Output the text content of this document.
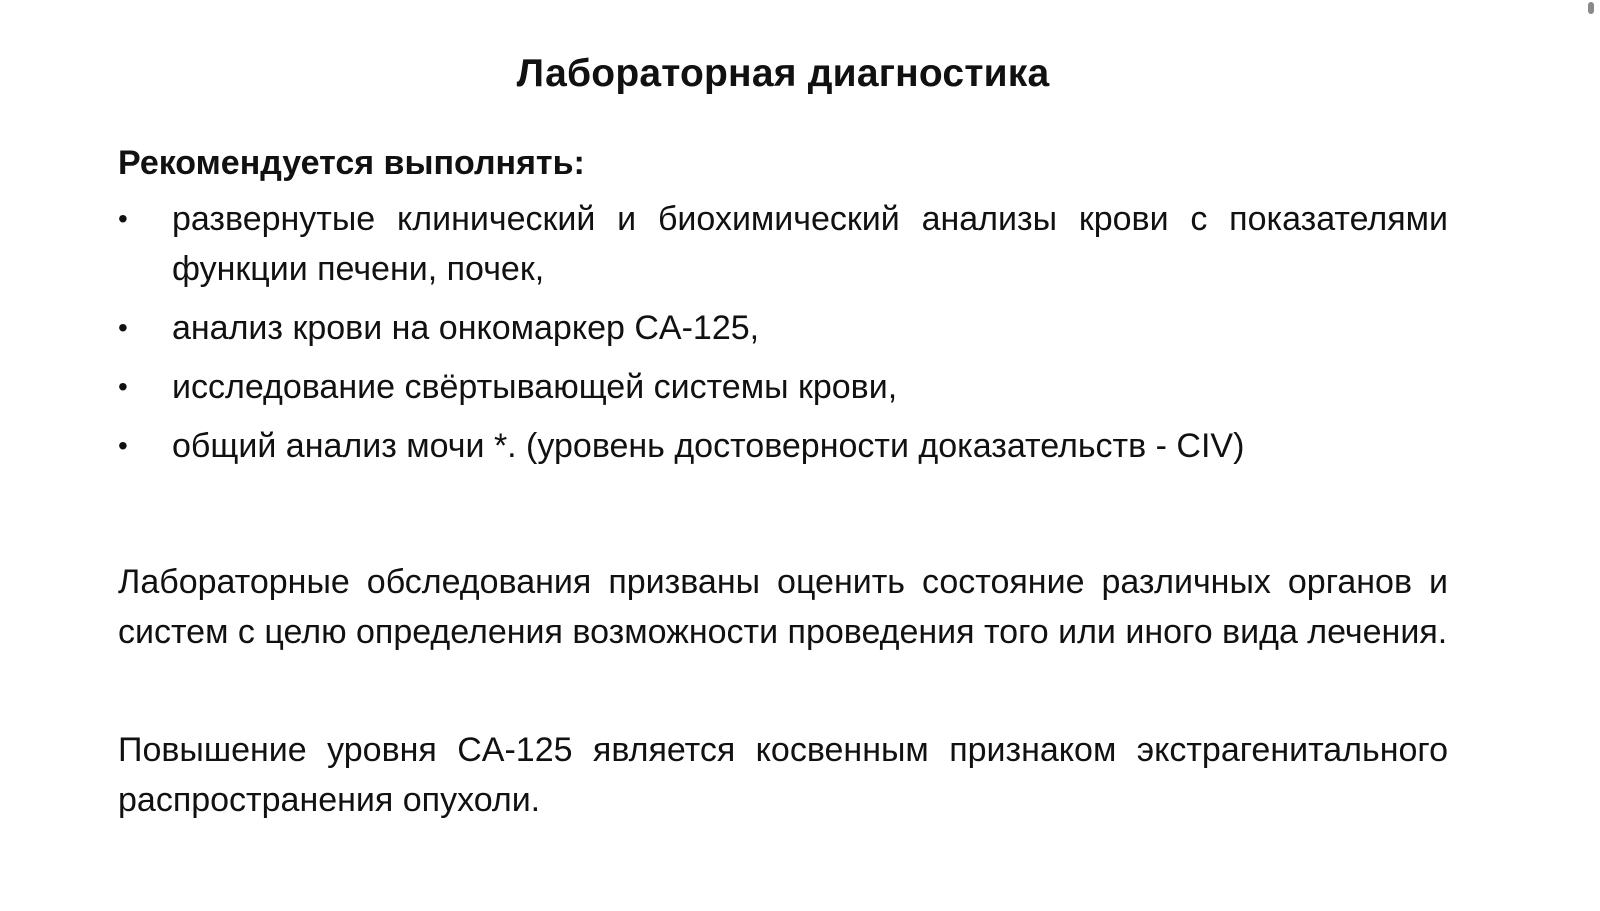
Лабораторная диагностика
Рекомендуется выполнять:
• развернутые клинический и биохимический анализы крови с показателями функции печени, почек,
• анализ крови на онкомаркер CA-125,
• исследование свёртывающей системы крови,
• общий анализ мочи *. (уровень достоверности доказательств - CIV)

Лабораторные обследования призваны оценить состояние различных органов и систем с целю определения возможности проведения того или иного вида лечения.

Повышение уровня CA-125 является косвенным признаком экстрагенитального распространения опухоли.
